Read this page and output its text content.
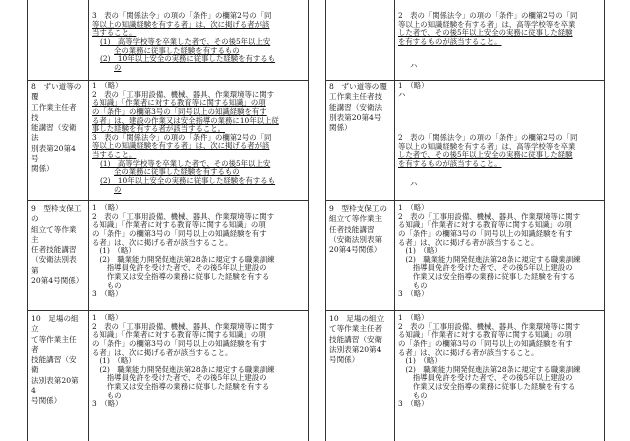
3　表の「関係法令」の項の「条件」の欄第2号の「同
等以上の知識経験を有する者」は、次に掲げる者が該
当すること。
(1)　高等学校等を卒業した者で、その後5年以上安
全の業務に従事した経験を有するもの
(2)　10年以上安全の実務に従事した経験を有するも
の
8　ずい道等の覆
工作業主任者技
能講習（安衛法
別表第20第4号
関係）
1　（略）
2　表の「工事用設備、機械、器具、作業環境等に関す
る知識」「作業者に対する教育等に関する知識」の項
の「条件」の欄第3号の「同号以上の知識経験を有す
る者」は、建設の作業又は安全指導の業務に10年以上従
事した経験を有する者が該当すること。
3　表の「関係法令」の項の「条件」の欄第2号の「同
等以上の知識経験を有する者」は、次に掲げる者が該
当すること。
(1)　高等学校等を卒業した者で、その後5年以上安
全の業務に従事した経験を有するもの
(2)　10年以上安全の実務に従事した経験を有するも
の
9　型枠支保工の
組立て等作業主
任者技能講習
（安衛法別表第
20第4号関係）
1　（略）
2　表の「工事用設備、機械、器具、作業環境等に関す
る知識」「作業者に対する教育等に関する知識」の項
の「条件」の欄第3号の「同号以上の知識経験を有す
る者」は、次に掲げる者が該当すること。
　(1)　（略）
　(2)　職業能力開発促進法第28条に規定する職業訓練
　　指導員免許を受けた者で、その後5年以上建設の
　　作業又は安全指導の業務に従事した経験を有する
　　もの
3　（略）
10　足場の組立
て等作業主任者
技能講習（安衛
法別表第20第4
号関係）
1　（略）
2　表の「工事用設備、機械、器具、作業環境等に関す
る知識」「作業者に対する教育等に関する知識」の項
の「条件」の欄第3号の「同号以上の知識経験を有す
る者」は、次に掲げる者が該当すること。
　(1)　（略）
　(2)　職業能力開発促進法第28条に規定する職業訓練
　　指導員免許を受けた者で、その後5年以上建設の
　　作業又は安全指導の業務に従事した経験を有する
　　もの
3　（略）
2　表の「関係法令」の項の「条件」の欄第2号の「同
等以上の知識経験を有する者」は、高等学校等を卒業
した者で、その後5年以上安全の実務に従事した経験
を有するものが該当すること。
ハ
8　ずい道等の覆
工作業主任者技
能講習（安衛法
別表第20第4号
関係）
1　（略）
ハ
2　表の「関係法令」の項の「条件」の欄第2号の「同
等以上の知識経験を有する者」は、高等学校等を卒業
した者で、その後5年以上安全の実務に従事した経験
を有するものが該当すること。
ハ
9　型枠支保工の
組立て等作業主
任者技能講習
（安衛法別表第
20第4号関係）
1　（略）
2　表の「工事用設備、機械、器具、作業環境等に関す
る知識」「作業者に対する教育等に関する知識」の項
の「条件」の欄第3号の「同号以上の知識経験を有す
る者」は、次に掲げる者が該当すること。
　(1)　（略）
　(2)　職業能力開発促進法第28条に規定する職業訓練
　　指導員免許を受けた者で、その後5年以上建設の
　　作業又は安全指導の業務に従事した経験を有する
　　もの
3　（略）
10　足場の組立
て等作業主任者
技能講習（安衛
法別表第20第4
号関係）
1　（略）
2　表の「工事用設備、機械、器具、作業環境等に関す
る知識」「作業者に対する教育等に関する知識」の項
の「条件」の欄第3号の「同号以上の知識経験を有す
る者」は、次に掲げる者が該当すること。
　(1)　（略）
　(2)　職業能力開発促進法第28条に規定する職業訓練
　　指導員免許を受けた者で、その後5年以上建設の
　　作業又は安全指導の業務に従事した経験を有する
　　もの
3　（略）
